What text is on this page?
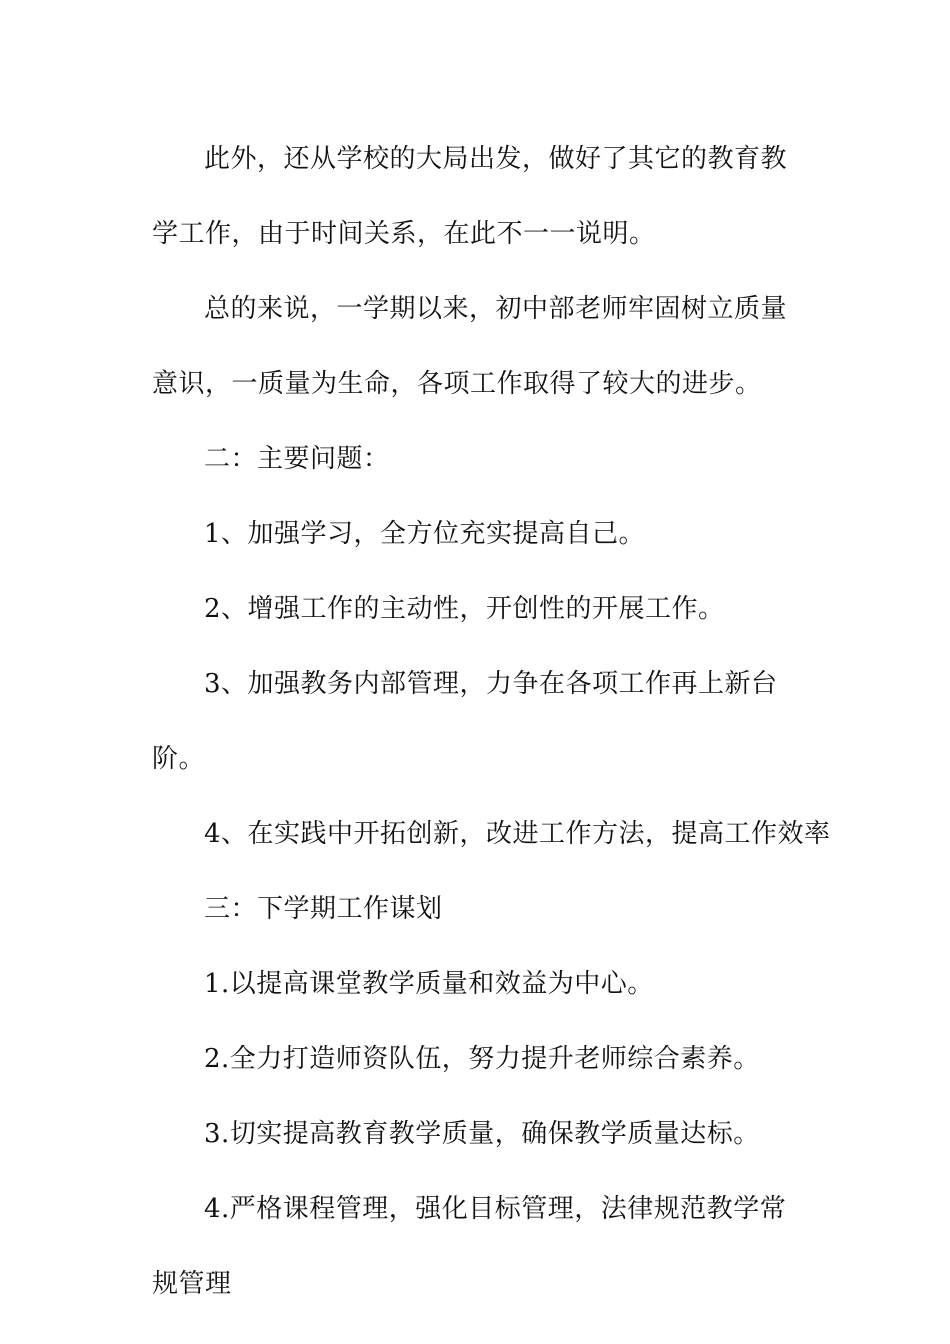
此外，还从学校的大局出发，做好了其它的教育教学工作，由于时间关系，在此不一一说明。

总的来说，一学期以来，初中部老师牢固树立质量意识，一质量为生命，各项工作取得了较大的进步。

二：主要问题：

1、加强学习，全方位充实提高自己。

2、增强工作的主动性，开创性的开展工作。

3、加强教务内部管理，力争在各项工作再上新台阶。

4、在实践中开拓创新，改进工作方法，提高工作效率

三：下学期工作谋划

1.以提高课堂教学质量和效益为中心。

2.全力打造师资队伍，努力提升老师综合素养。

3.切实提高教育教学质量，确保教学质量达标。

4.严格课程管理，强化目标管理，法律规范教学常规管理
